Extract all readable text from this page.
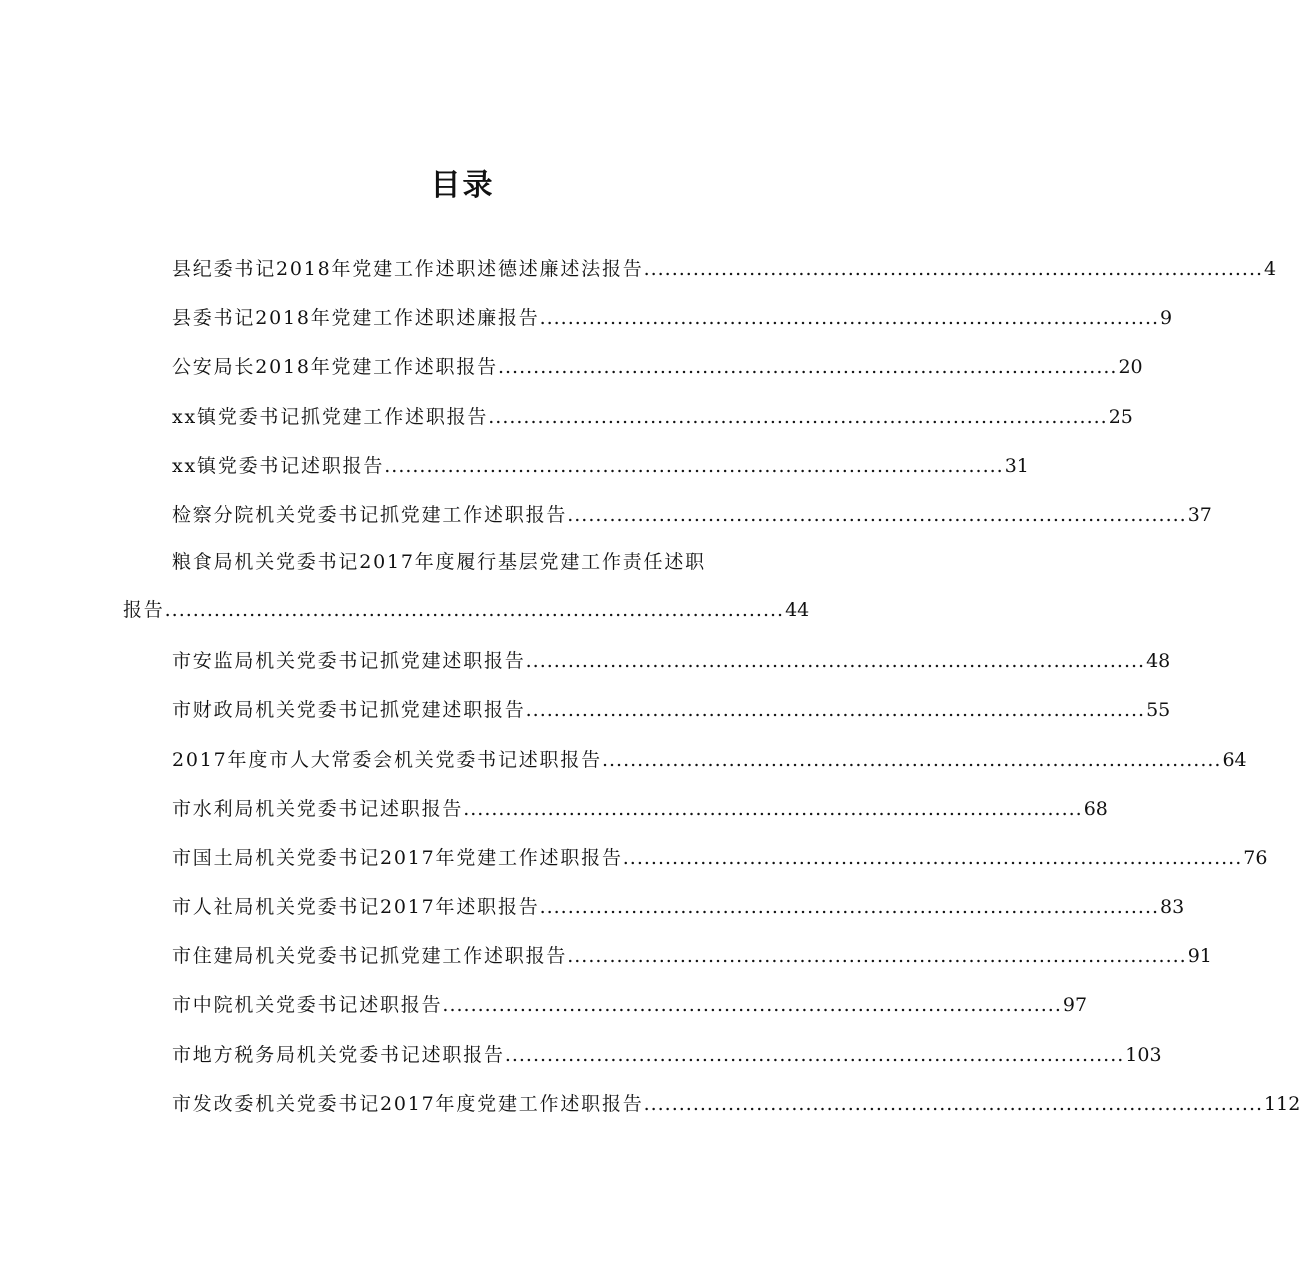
目录
县纪委书记2018年党建工作述职述德述廉述法报告 ........................................................................................ 4
县委书记2018年党建工作述职述廉报告 ........................................................................................ 9
公安局长2018年党建工作述职报告 ........................................................................................ 20
xx镇党委书记抓党建工作述职报告 ........................................................................................ 25
xx镇党委书记述职报告 ........................................................................................ 31
检察分院机关党委书记抓党建工作述职报告 ........................................................................................ 37
粮食局机关党委书记2017年度履行基层党建工作责任述职
报告 ........................................................................................ 44
市安监局机关党委书记抓党建述职报告 ........................................................................................ 48
市财政局机关党委书记抓党建述职报告 ........................................................................................ 55
2017年度市人大常委会机关党委书记述职报告 ........................................................................................ 64
市水利局机关党委书记述职报告 ........................................................................................ 68
市国土局机关党委书记2017年党建工作述职报告 ........................................................................................ 76
市人社局机关党委书记2017年述职报告 ........................................................................................ 83
市住建局机关党委书记抓党建工作述职报告 ........................................................................................ 91
市中院机关党委书记述职报告 ........................................................................................ 97
市地方税务局机关党委书记述职报告 ........................................................................................ 103
市发改委机关党委书记2017年度党建工作述职报告 ........................................................................................ 112
